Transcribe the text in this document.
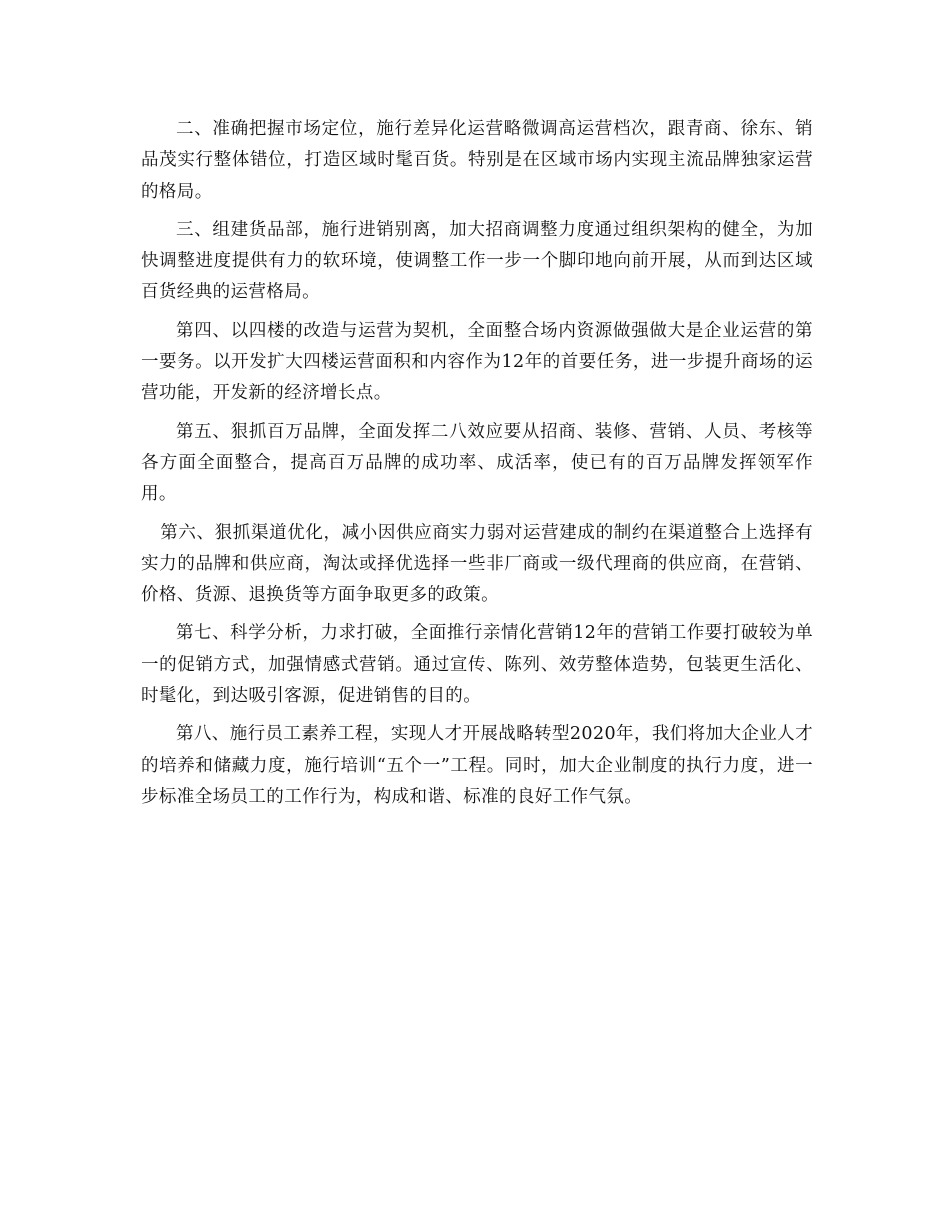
二、准确把握市场定位，施行差异化运营略微调高运营档次，跟青商、徐东、销品茂实行整体错位，打造区域时髦百货。特别是在区域市场内实现主流品牌独家运营的格局。

三、组建货品部，施行进销别离，加大招商调整力度通过组织架构的健全，为加快调整进度提供有力的软环境，使调整工作一步一个脚印地向前开展，从而到达区域百货经典的运营格局。

第四、以四楼的改造与运营为契机，全面整合场内资源做强做大是企业运营的第一要务。以开发扩大四楼运营面积和内容作为12年的首要任务，进一步提升商场的运营功能，开发新的经济增长点。

第五、狠抓百万品牌，全面发挥二八效应要从招商、装修、营销、人员、考核等各方面全面整合，提高百万品牌的成功率、成活率，使已有的百万品牌发挥领军作用。

第六、狠抓渠道优化，减小因供应商实力弱对运营建成的制约在渠道整合上选择有实力的品牌和供应商，淘汰或择优选择一些非厂商或一级代理商的供应商，在营销、价格、货源、退换货等方面争取更多的政策。

第七、科学分析，力求打破，全面推行亲情化营销12年的营销工作要打破较为单一的促销方式，加强情感式营销。通过宣传、陈列、效劳整体造势，包装更生活化、时髦化，到达吸引客源，促进销售的目的。

第八、施行员工素养工程，实现人才开展战略转型2020年，我们将加大企业人才的培养和储藏力度，施行培训“五个一”工程。同时，加大企业制度的执行力度，进一步标准全场员工的工作行为，构成和谐、标准的良好工作气氛。
